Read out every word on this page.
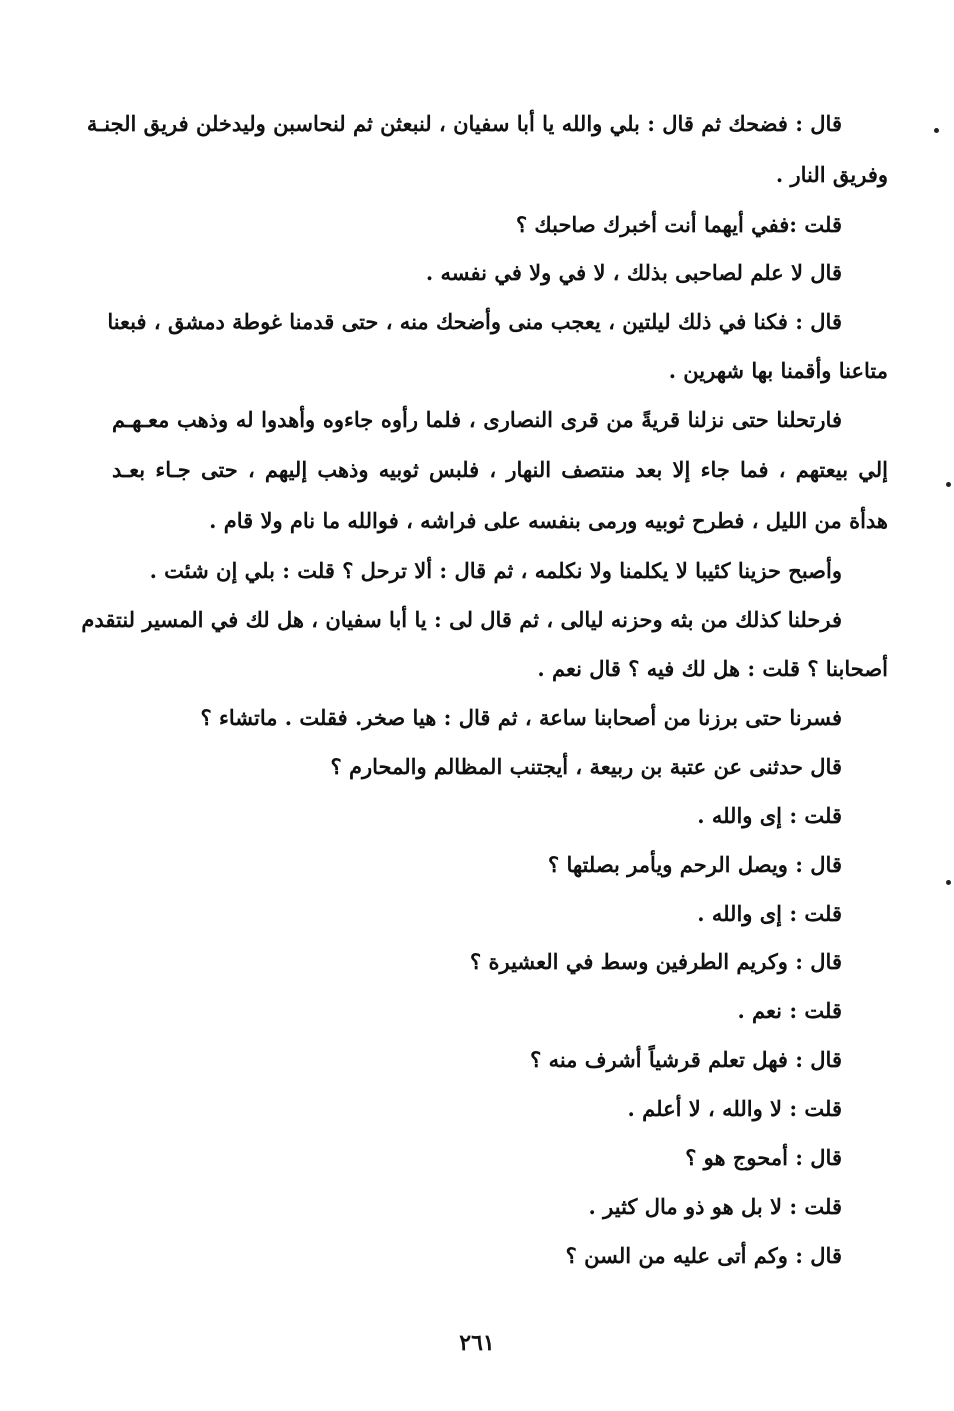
قال : فضحك ثم قال : بلي والله يا أبا سفيان ، لنبعثن ثم لنحاسبن وليدخلن فريق الجنـة
وفريق النار .
قلت :ففي أيهما أنت أخبرك صاحبك ؟
قال لا علم لصاحبى بذلك ، لا في ولا في نفسه .
قال : فكنا في ذلك ليلتين ، يعجب منى وأضحك منه ، حتى قدمنا غوطة دمشق ، فبعنا
متاعنا وأقمنا بها شهرين .
فارتحلنا حتى نزلنا قريةً من قرى النصارى ، فلما رأوه جاءوه وأهدوا له وذهب معـهـم
إلي بيعتهم ، فما جاء إلا بعد منتصف النهار ، فلبس ثوبيه وذهب إليهم ، حتى جـاء بعـد
هدأة من الليل ، فطرح ثوبيه ورمى بنفسه على فراشه ، فوالله ما نام ولا قام .
وأصبح حزينا كئيبا لا يكلمنا ولا نكلمه ، ثم قال : ألا ترحل ؟ قلت : بلي إن شئت .
فرحلنا كذلك من بثه وحزنه ليالى ، ثم قال لى : يا أبا سفيان ، هل لك في المسير لنتقدم
أصحابنا ؟ قلت : هل لك فيه ؟ قال نعم .
فسرنا حتى برزنا من أصحابنا ساعة ، ثم قال : هيا صخر. فقلت . ماتشاء ؟
قال حدثنى عن عتبة بن ربيعة ، أيجتنب المظالم والمحارم ؟
قلت : إى والله .
قال : ويصل الرحم ويأمر بصلتها ؟
قلت : إى والله .
قال : وكريم الطرفين وسط في العشيرة ؟
قلت : نعم .
قال : فهل تعلم قرشياً أشرف منه ؟
قلت : لا والله ، لا أعلم .
قال : أمحوج هو ؟
قلت : لا بل هو ذو مال كثير .
قال : وكم أتى عليه من السن ؟
٢٦١
